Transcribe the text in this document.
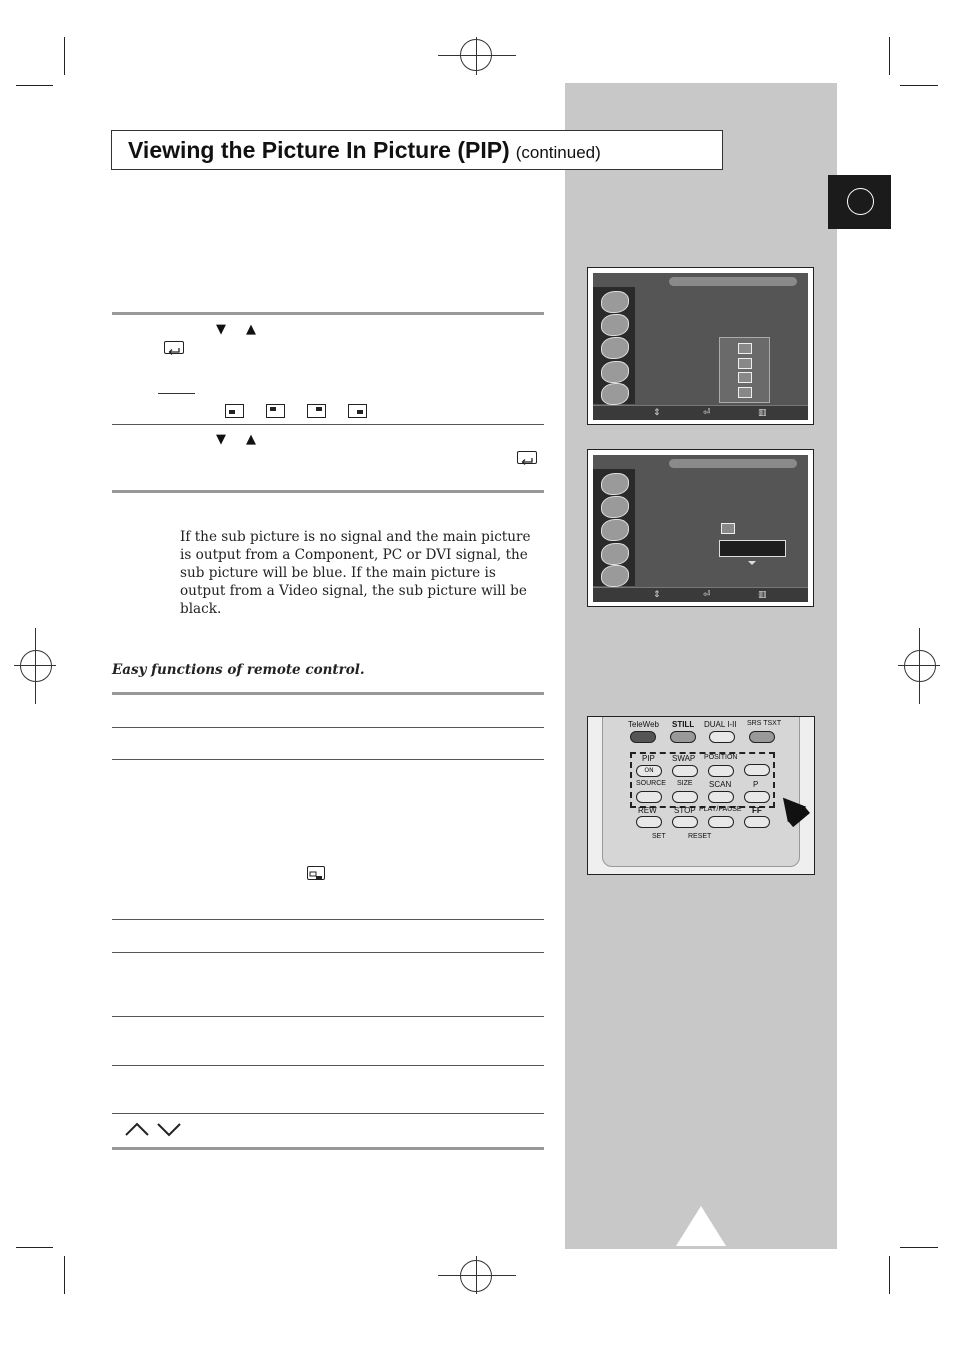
Viewing the Picture In Picture (PIP) (continued)
▼ ▲
▼ ▲
If the sub picture is no signal and the main picture is output from a Component, PC or DVI signal, the sub picture will be blue. If the main picture is output from a Video signal, the sub picture will be black.
Easy functions of remote control.
⇕	⏎	▥
⇕	⏎	▥
TeleWeb STILL DUAL I-II SRS TSXT
PIP SWAP POSITION
ON
SOURCE SIZE SCAN	P
REW STOP PLAY/PAUSE FF
SET	RESET
